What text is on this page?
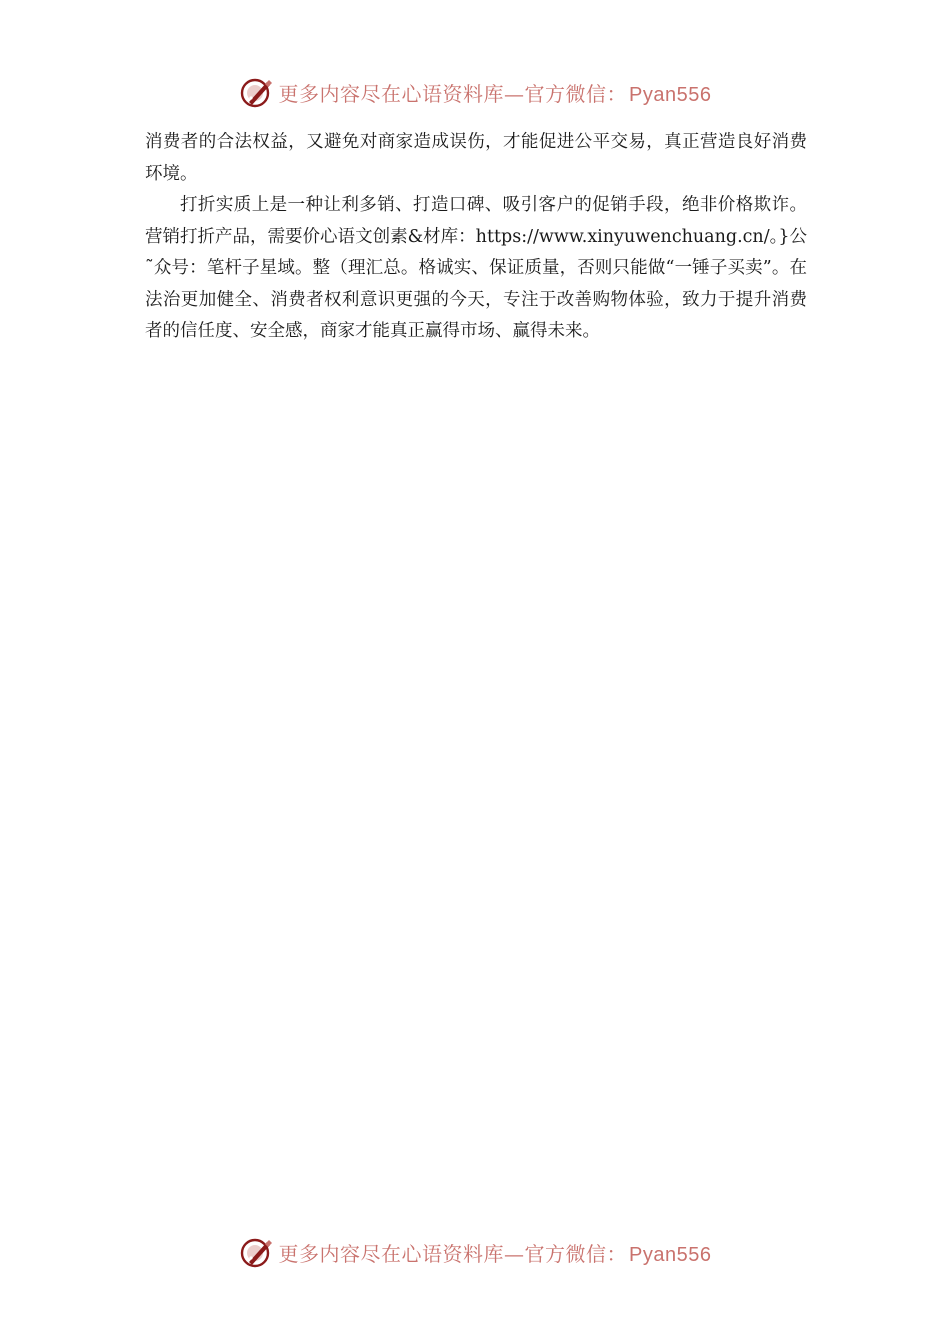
更多内容尽在心语资料库—官方微信： Pyan556

消费者的合法权益，又避免对商家造成误伤，才能促进公平交易，真正营造良好消费环境。

打折实质上是一种让利多销、打造口碑、吸引客户的促销手段，绝非价格欺诈。营销打折产品，需要价心语文创素&材库：https://www.xinyuwenchuang.cn/。}公˜众号：笔杆子星域。整（理汇总。格诚实、保证质量，否则只能做“一锤子买卖”。在法治更加健全、消费者权利意识更强的今天，专注于改善购物体验，致力于提升消费者的信任度、安全感，商家才能真正赢得市场、赢得未来。

更多内容尽在心语资料库—官方微信： Pyan556
